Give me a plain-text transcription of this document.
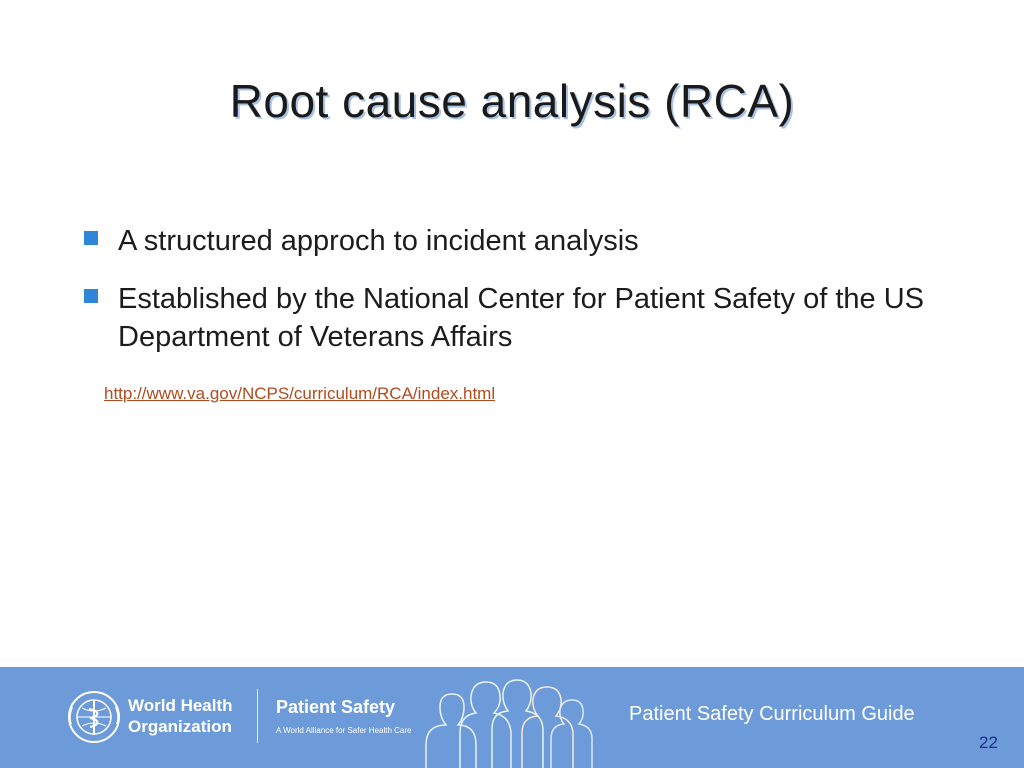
Root cause analysis (RCA)
A structured approch to incident analysis
Established by the National Center for Patient Safety of the US Department of Veterans Affairs
http://www.va.gov/NCPS/curriculum/RCA/index.html
World Health
Organization
Patient Safety
A World Alliance for Safer Health Care
Patient Safety Curriculum Guide
22
